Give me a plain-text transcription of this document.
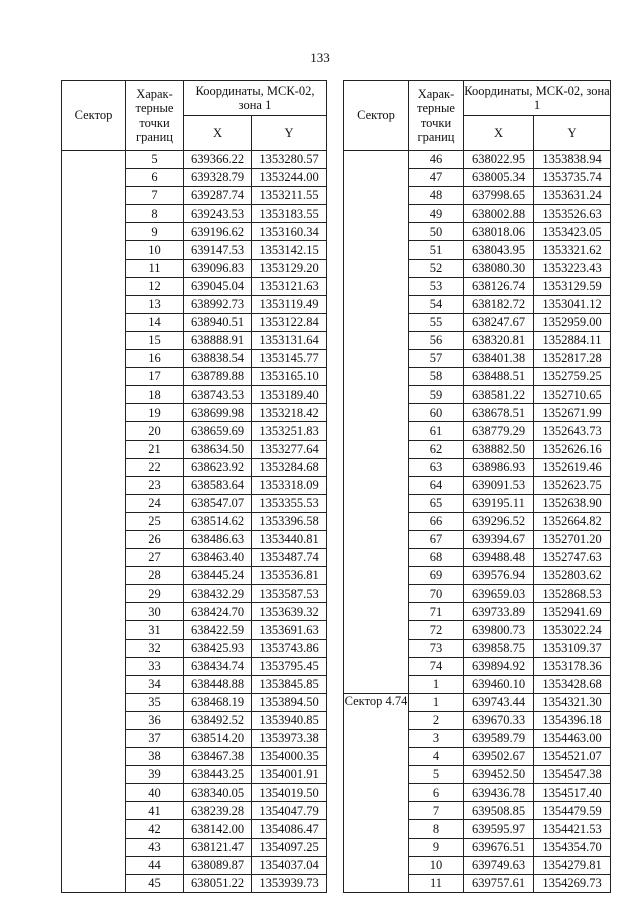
133
Сектор	Харак-терные точки границ	Координаты, МСК-02, зона 1	
		X	Y
	5	639366.22	1353280.57
	6	639328.79	1353244.00
	7	639287.74	1353211.55
	8	639243.53	1353183.55
	9	639196.62	1353160.34
	10	639147.53	1353142.15
	11	639096.83	1353129.20
	12	639045.04	1353121.63
	13	638992.73	1353119.49
	14	638940.51	1353122.84
	15	638888.91	1353131.64
	16	638838.54	1353145.77
	17	638789.88	1353165.10
	18	638743.53	1353189.40
	19	638699.98	1353218.42
	20	638659.69	1353251.83
	21	638634.50	1353277.64
	22	638623.92	1353284.68
	23	638583.64	1353318.09
	24	638547.07	1353355.53
	25	638514.62	1353396.58
	26	638486.63	1353440.81
	27	638463.40	1353487.74
	28	638445.24	1353536.81
	29	638432.29	1353587.53
	30	638424.70	1353639.32
	31	638422.59	1353691.63
	32	638425.93	1353743.86
	33	638434.74	1353795.45
	34	638448.88	1353845.85
	35	638468.19	1353894.50
	36	638492.52	1353940.85
	37	638514.20	1353973.38
	38	638467.38	1354000.35
	39	638443.25	1354001.91
	40	638340.05	1354019.50
	41	638239.28	1354047.79
	42	638142.00	1354086.47
	43	638121.47	1354097.25
	44	638089.87	1354037.04
	45	638051.22	1353939.73
Сектор	Харак-терные точки границ	Координаты, МСК-02, зона 1	
		X	Y
	46	638022.95	1353838.94
	47	638005.34	1353735.74
	48	637998.65	1353631.24
	49	638002.88	1353526.63
	50	638018.06	1353423.05
	51	638043.95	1353321.62
	52	638080.30	1353223.43
	53	638126.74	1353129.59
	54	638182.72	1353041.12
	55	638247.67	1352959.00
	56	638320.81	1352884.11
	57	638401.38	1352817.28
	58	638488.51	1352759.25
	59	638581.22	1352710.65
	60	638678.51	1352671.99
	61	638779.29	1352643.73
	62	638882.50	1352626.16
	63	638986.93	1352619.46
	64	639091.53	1352623.75
	65	639195.11	1352638.90
	66	639296.52	1352664.82
	67	639394.67	1352701.20
	68	639488.48	1352747.63
	69	639576.94	1352803.62
	70	639659.03	1352868.53
	71	639733.89	1352941.69
	72	639800.73	1353022.24
	73	639858.75	1353109.37
	74	639894.92	1353178.36
	1	639460.10	1353428.68

Сектор 4.74	1	639743.44	1354321.30
	2	639670.33	1354396.18
	3	639589.79	1354463.00
	4	639502.67	1354521.07
	5	639452.50	1354547.38
	6	639436.78	1354517.40
	7	639508.85	1354479.59
	8	639595.97	1354421.53
	9	639676.51	1354354.70
	10	639749.63	1354279.81
	11	639757.61	1354269.73
